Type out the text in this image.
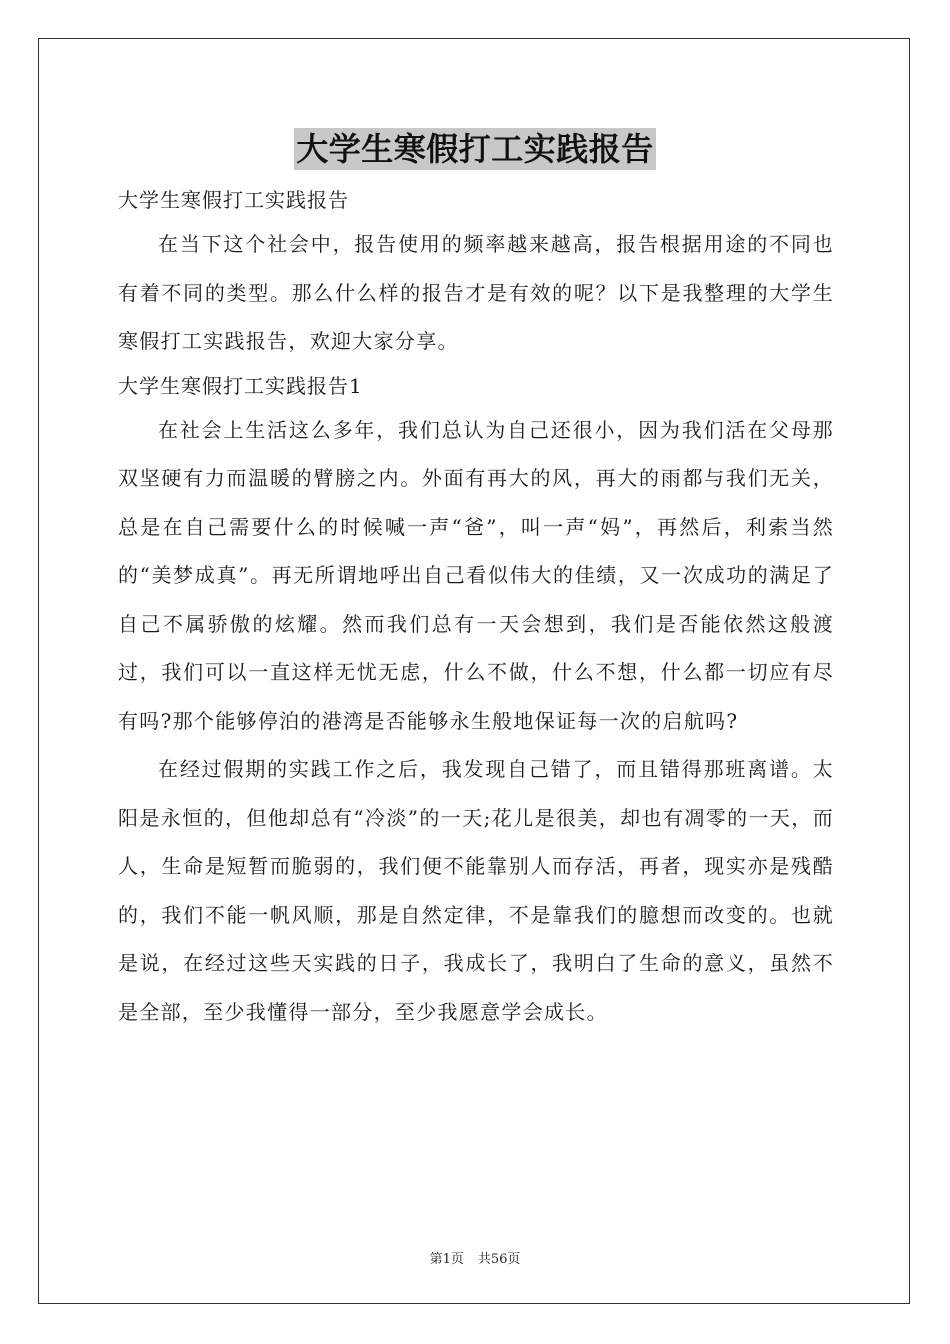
大学生寒假打工实践报告

大学生寒假打工实践报告

在当下这个社会中，报告使用的频率越来越高，报告根据用途的不同也有着不同的类型。那么什么样的报告才是有效的呢？以下是我整理的大学生寒假打工实践报告，欢迎大家分享。

大学生寒假打工实践报告1

在社会上生活这么多年，我们总认为自己还很小，因为我们活在父母那双坚硬有力而温暖的臂膀之内。外面有再大的风，再大的雨都与我们无关，总是在自己需要什么的时候喊一声“爸”，叫一声“妈”，再然后，利索当然的“美梦成真”。再无所谓地呼出自己看似伟大的佳绩，又一次成功的满足了自己不属骄傲的炫耀。然而我们总有一天会想到，我们是否能依然这般渡过，我们可以一直这样无忧无虑，什么不做，什么不想，什么都一切应有尽有吗?那个能够停泊的港湾是否能够永生般地保证每一次的启航吗?

在经过假期的实践工作之后，我发现自己错了，而且错得那班离谱。太阳是永恒的，但他却总有“冷淡”的一天;花儿是很美，却也有凋零的一天，而人，生命是短暂而脆弱的，我们便不能靠别人而存活，再者，现实亦是残酷的，我们不能一帆风顺，那是自然定律，不是靠我们的臆想而改变的。也就是说，在经过这些天实践的日子，我成长了，我明白了生命的意义，虽然不是全部，至少我懂得一部分，至少我愿意学会成长。

第1页 共56页
